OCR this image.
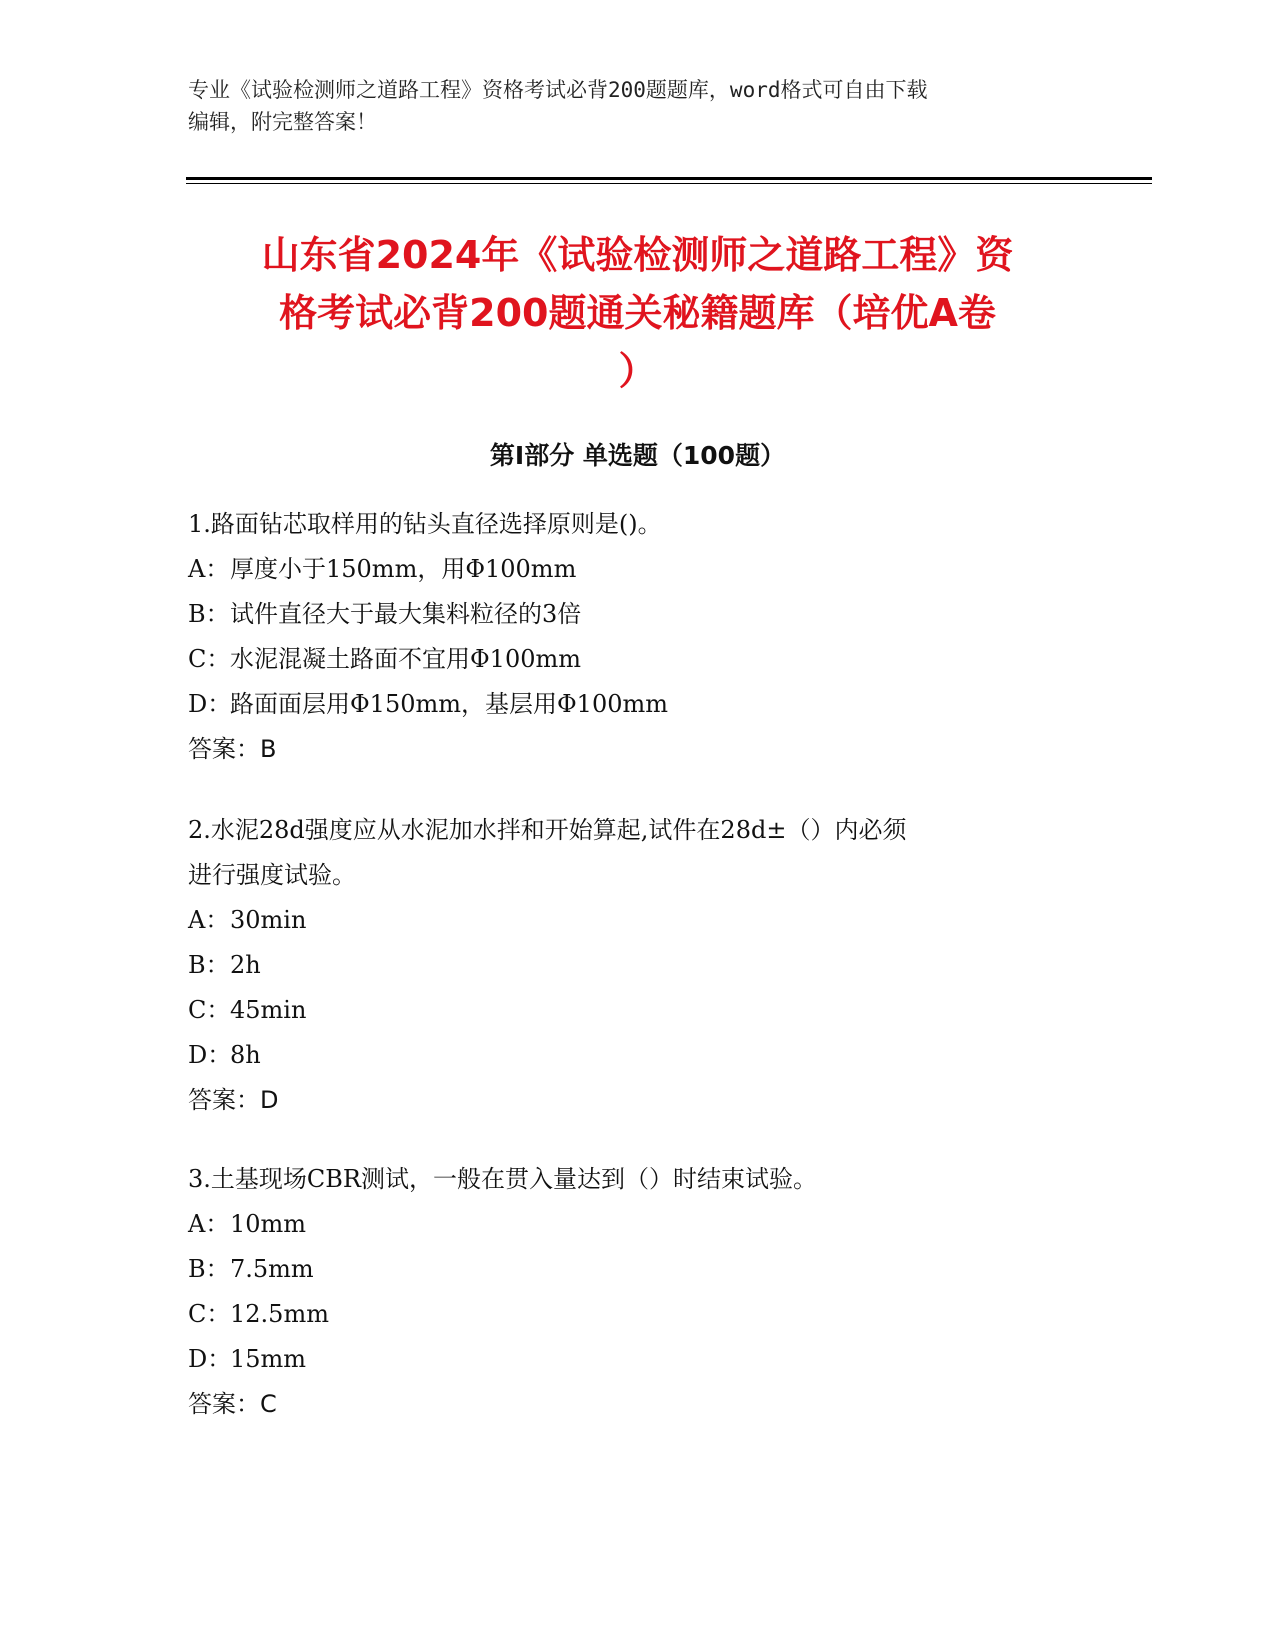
专业《试验检测师之道路工程》资格考试必背200题题库，word格式可自由下载
编辑，附完整答案！
山东省2024年《试验检测师之道路工程》资
格考试必背200题通关秘籍题库（培优A卷
）
第Ⅰ部分 单选题（100题）
1.路面钻芯取样用的钻头直径选择原则是()。
A：厚度小于150mm，用Φ100mm
B：试件直径大于最大集料粒径的3倍
C：水泥混凝土路面不宜用Φ100mm
D：路面面层用Φ150mm，基层用Φ100mm
答案：B
2.水泥28d强度应从水泥加水拌和开始算起,试件在28d±（）内必须
进行强度试验。
A：30min
B：2h
C：45min
D：8h
答案：D
3.土基现场CBR测试，一般在贯入量达到（）时结束试验。
A：10mm
B：7.5mm
C：12.5mm
D：15mm
答案：C
